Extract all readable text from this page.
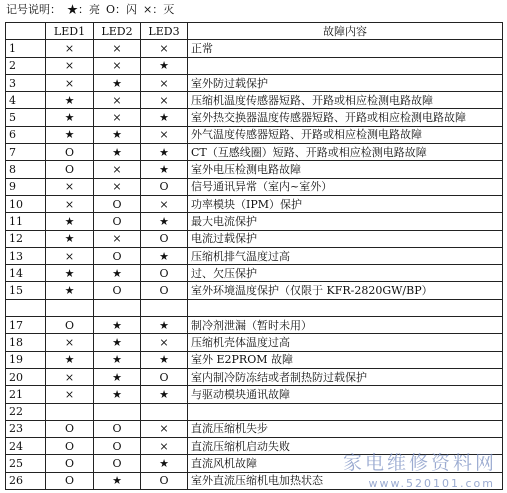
记号说明： ★：亮 O：闪 ×：灭
	LED1	LED2	LED3	故障内容
1	×	×	×	正常
2	×	×	★	
3	×	★	×	室外防过载保护
4	★	×	×	压缩机温度传感器短路、开路或相应检测电路故障
5	★	×	★	室外热交换器温度传感器短路、开路或相应检测电路故障
6	★	★	×	外气温度传感器短路、开路或相应检测电路故障
7	O	★	★	CT（互感线圈）短路、开路或相应检测电路故障
8	O	×	★	室外电压检测电路故障
9	×	×	O	信号通讯异常（室内~室外）
10	×	O	×	功率模块（IPM）保护
11	★	O	★	最大电流保护
12	★	×	O	电流过载保护
13	×	O	★	压缩机排气温度过高
14	★	★	O	过、欠压保护
15	★	O	O	室外环境温度保护（仅限于 KFR-2820GW/BP）

17	O	★	★	制冷剂泄漏（暂时未用）
18	×	★	×	压缩机壳体温度过高
19	★	★	★	室外 E2PROM 故障
20	×	★	O	室内制冷防冻结或者制热防过载保护
21	×	★	★	与驱动模块通讯故障
22				
23	O	O	×	直流压缩机失步
24	O	O	×	直流压缩机启动失败
25	O	O	★	直流风机故障
26	O	★	O	室外直流压缩机电加热状态
家电维修资料网
www.520101.com
